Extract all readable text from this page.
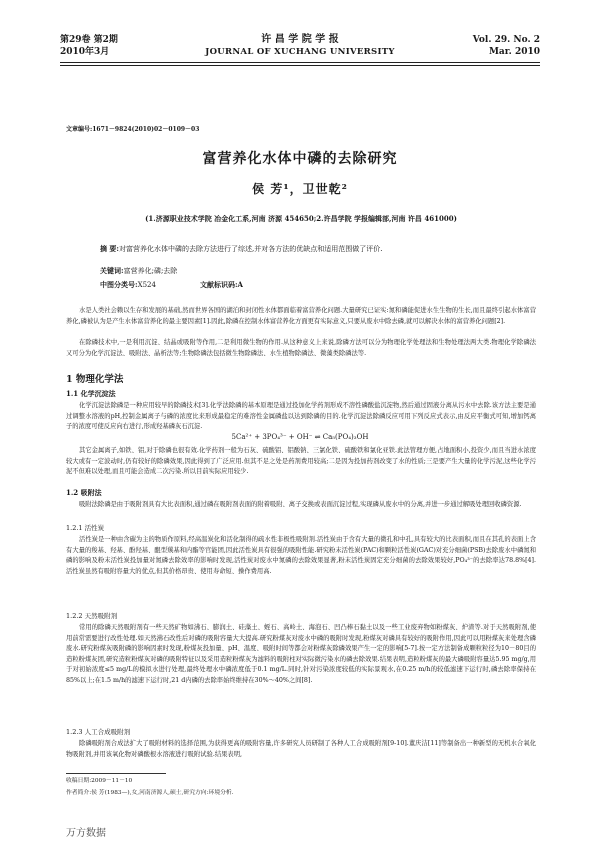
第29卷 第2期
2010年3月
许 昌 学 院 学 报
JOURNAL OF XUCHANG UNIVERSITY
Vol. 29. No. 2
Mar. 2010
文章编号:1671－9824(2010)02－0109－03
富营养化水体中磷的去除研究
侯 芳¹，卫世乾²
(1.济源职业技术学院 冶金化工系,河南 济源 454650;2.许昌学院 学报编辑部,河南 许昌 461000)
摘 要:对富营养化水体中磷的去除方法进行了综述,并对各方法的优缺点和适用范围做了评价.
关键词:富营养化;磷;去除
中图分类号:X524	文献标识码:A
水是人类社会赖以生存和发展的基础,然而世界各国的湖泊和封闭性水体都面临着富营养化问题.大量研究已证实:氮和磷能促进水生生物的生长,而且最终引起水体富营养化,磷被认为是产生水体富营养化的最主要因素[1].因此,除磷在控制水体富营养化方面更有实际意义,只要从废水中除去磷,就可以解决水体的富营养化问题[2].
在除磷技术中,一是利用沉淀、结晶或吸附等作用,二是利用微生物的作用.从这种意义上来说,除磷方法可以分为物理化学处理法和生物处理法两大类.物理化学除磷法又可分为化学沉淀法、吸附法、晶析法等;生物除磷法包括微生物除磷法、水生植物除磷法、微藻类除磷法等.
1 物理化学法
1.1 化学沉淀法
化学沉淀法除磷是一种应用较早的除磷技术[3].化学法除磷的基本原理是通过投加化学药剂形成不溶性磷酸盐沉淀物,然后通过固液分离从污水中去除.该方法主要是通过调整水溶液的pH,控制金属离子与磷的浓度比来形成最稳定的难溶性金属磷盐以达到除磷的目的.化学沉淀法除磷反应可用下列反应式表示,由反应平衡式可知,增加钙离子的浓度可使反应向右进行,形成羟基磷灰石沉淀.
5Ca²⁺ + 3PO₄³⁻ + OH⁻ ⇌ Ca₅(PO₄)₃OH
其它金属离子,如铁、铝,对于除磷也很有效.化学药剂一般为石灰、硫酸铝、铝酸钠、三氯化铁、硫酸铁和氯化亚铁.此法管理方便,占地面积小,投资少,而且当进水浓度较大或有一定波动时,仍有较好的除磷效果,因此得到了广泛应用.但其不足之处是药剂费用较高;二是因为投加药剂改变了水的性质;三是要产生大量的化学污泥,这些化学污泥不但难以处理,而且可能会造成二次污染.所以目前实际应用较少.
1.2 吸附法
吸附法除磷是由于吸附剂具有大比表面积,通过磷在吸附剂表面的附着吸附、离子交换或表面沉淀过程,实现磷从废水中的分离,并进一步通过解吸处理回收磷资源.
1.2.1 活性炭
活性炭是一种由含碳为主的物质作原料,经高温炭化和活化制得的疏水性非极性吸附剂.活性炭由于含有大量的微孔和中孔,具有较大的比表面积,而且在其孔的表面上含有大量的羧基、羟基、酚羟基、醌型羰基和内酯等官能团,因此活性炭具有很强的吸附性能.研究粉末活性炭(PAC)和颗粒活性炭(GAC)对充分细菌(PSB)去除废水中磷氮和磷的影响及粉末活性炭投加量对氮磷去除效率的影响时发现,活性炭对废水中氮磷的去除效果显著,粉末活性炭固定充分细菌的去除效果较好,PO₄³⁻的去除率达78.8%[4].活性炭虽然有吸附容量大的优点,但其价格昂贵、使用寿命短、操作费用高.
1.2.2 天然吸附剂
常用的除磷天然吸附剂有一些天然矿物如沸石、膨润土、硅藻土、蛭石、高岭土、海泡石、凹凸棒石黏土以及一些工业废弃物如粉煤灰、炉渣等.对于天然吸附剂,使用前常需要进行改性处理.如天然沸石改性后对磷的吸附容量大大提高.研究粉煤灰对废水中磷的吸附时发现,粉煤灰对磷具有较好的吸附作用,因此可以用粉煤灰来处理含磷废水.研究粉煤灰吸附磷的影响因素时发现,粉煤灰投加量、pH、温度、吸附时间等都会对粉煤灰除磷效果产生一定的影响[5-7].按一定方法制备成颗粒粒径为10－80目的造粒粉煤灰团,研究造粒粉煤灰对磷的吸附特征以及采用造粒粉煤灰为滤料的吸附柱对实际微污染水的磷去除效果.结果表明,造粒粉煤灰的最大磷吸附容量达5.95 mg/g,用于对初始浓度≤5 mg/L的模拟水进行处理,最终处理水中磷浓度低于0.1 mg/L.同时,针对污染浓度较低的实际景观水,在0.25 m/h的较低滤速下运行时,磷去除率保持在85%以上;在1.5 m/h的滤速下运行时,21 d内磷的去除率始终维持在30%～40%之间[8].
1.2.3 人工合成吸附剂
除磷吸附剂合成法扩大了吸附材料的选择范围,为获得更高的吸附容量,许多研究人员研制了各种人工合成吸附剂[9-10].董庆洁[11]等制备出一种新型的无机水合氧化物吸附剂,并用该氧化物对磷酸根水溶液进行吸附试验.结果表明,
收稿日期:2009－11－10
作者简介:侯 芳(1983—),女,河南济源人,硕士,研究方向:环境分析.
万方数据
